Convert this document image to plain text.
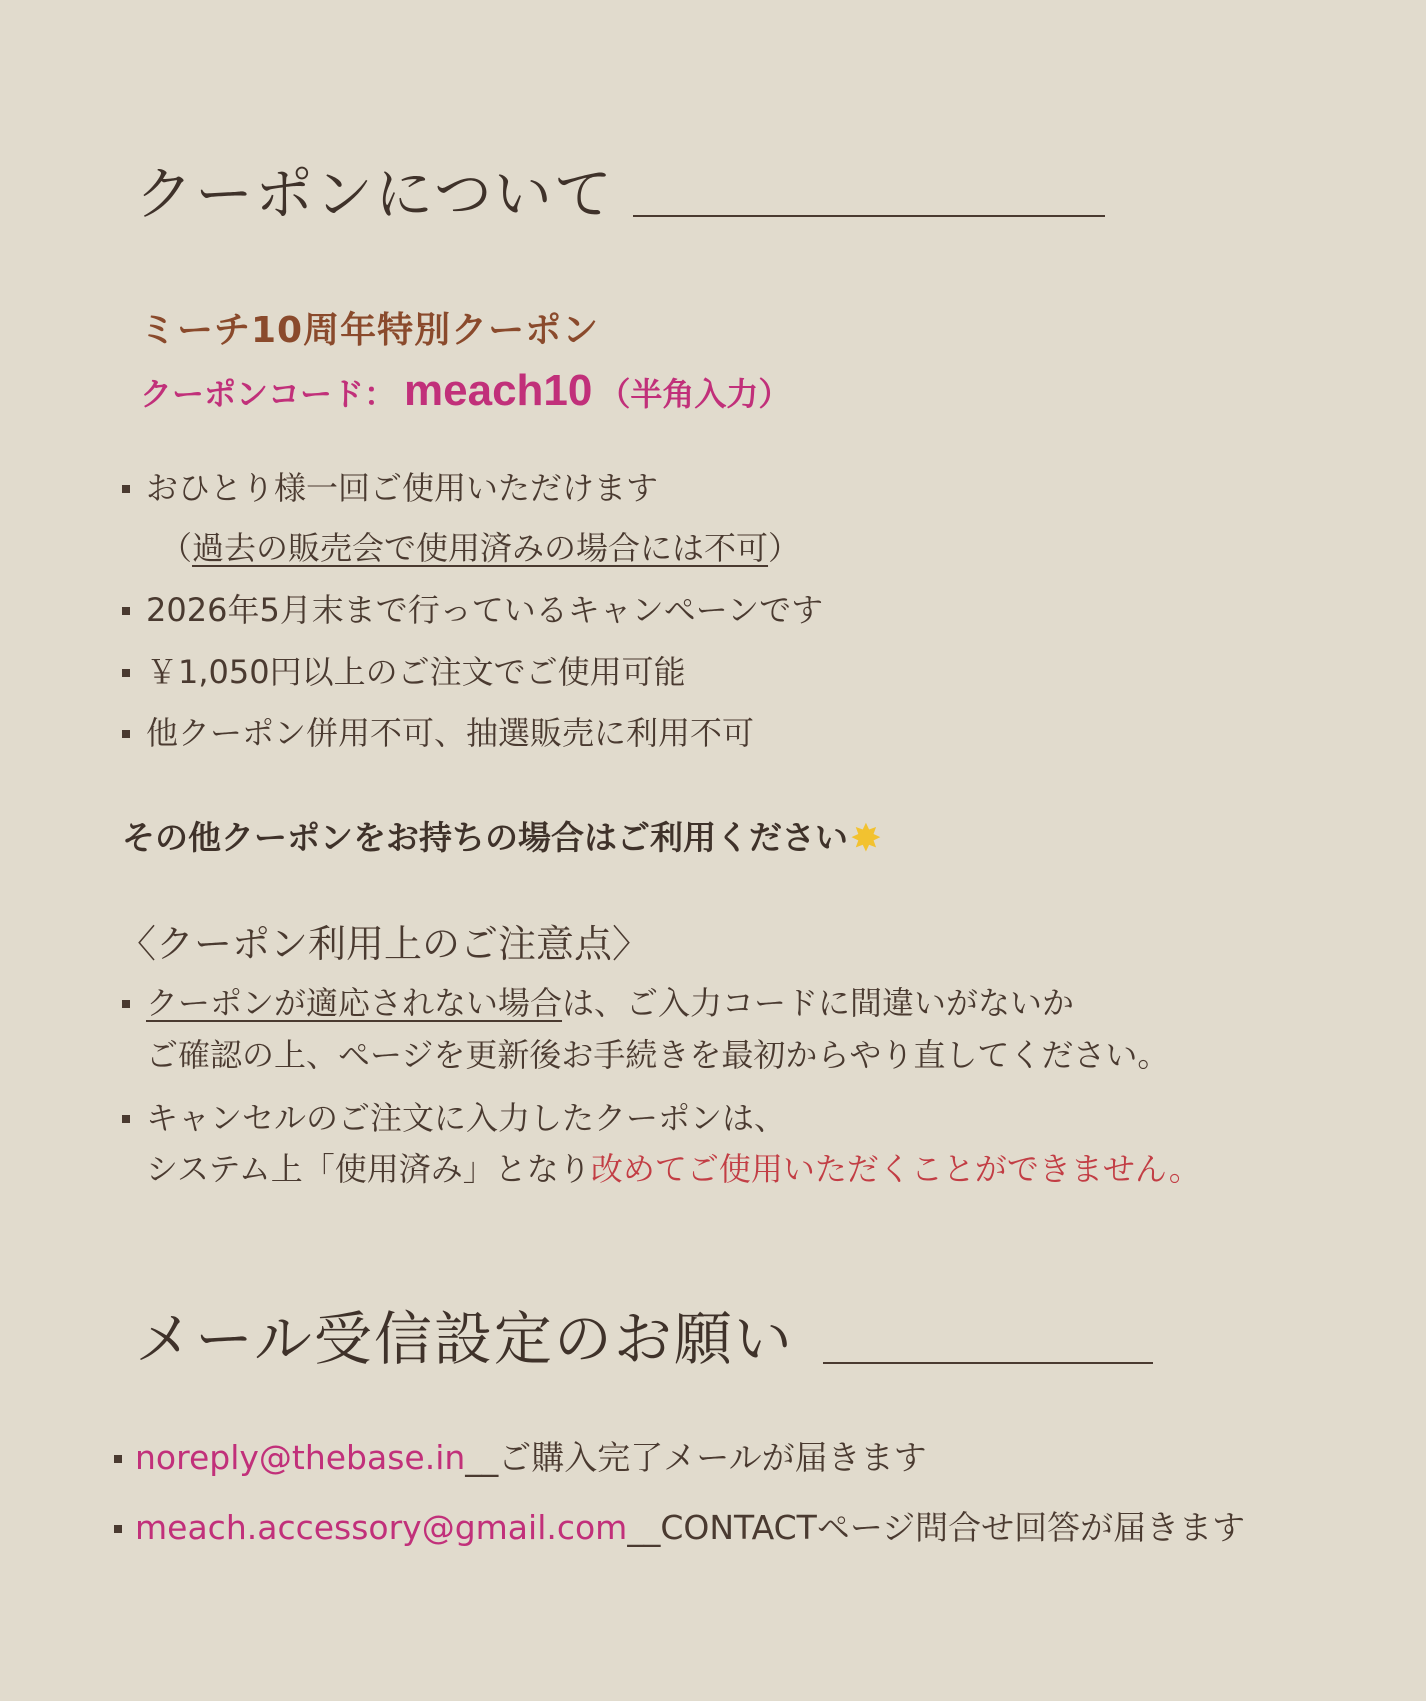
クーポンについて
ミーチ10周年特別クーポン
クーポンコード： meach10 （半角入力）
おひとり様一回ご使用いただけます
（過去の販売会で使用済みの場合には不可）
2026年5月末まで行っているキャンペーンです
￥1,050円以上のご注文でご使用可能
他クーポン併用不可、抽選販売に利用不可
その他クーポンをお持ちの場合はご利用ください✸
〈クーポン利用上のご注意点〉
クーポンが適応されない場合は、ご入力コードに間違いがないか
ご確認の上、ページを更新後お手続きを最初からやり直してください。
キャンセルのご注文に入力したクーポンは、
システム上「使用済み」となり改めてご使用いただくことができません。
メール受信設定のお願い
noreply@thebase.in__ご購入完了メールが届きます
meach.accessory@gmail.com__CONTACTページ問合せ回答が届きます
